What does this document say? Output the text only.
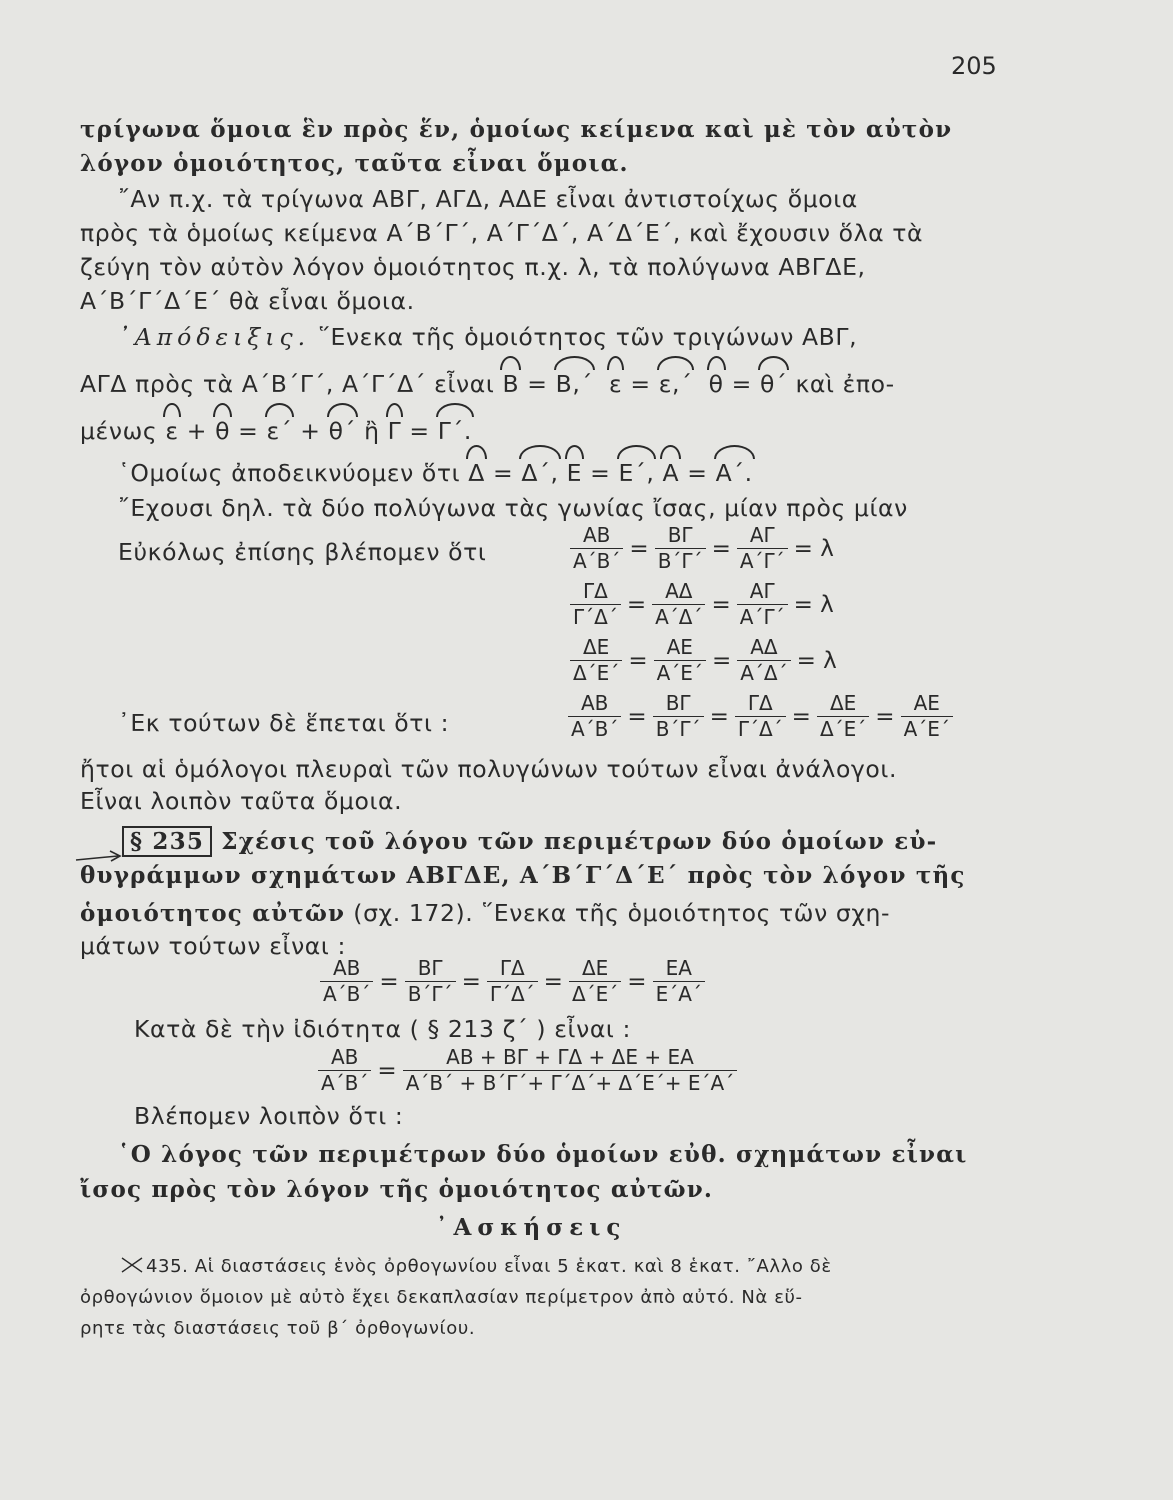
205
τρίγωνα ὅμοια ἓν πρὸς ἕν, ὁμοίως κείμενα καὶ μὲ τὸν αὐτὸν
λόγον ὁμοιότητος, ταῦτα εἶναι ὅμοια.
῎Αν π.χ. τὰ τρίγωνα ΑΒΓ, ΑΓΔ, ΑΔΕ εἶναι ἀντιστοίχως ὅμοια
πρὸς τὰ ὁμοίως κείμενα Α΄Β΄Γ΄, Α΄Γ΄Δ΄, Α΄Δ΄Ε΄, καὶ ἔχουσιν ὅλα τὰ
ζεύγη τὸν αὐτὸν λόγον ὁμοιότητος π.χ. λ, τὰ πολύγωνα ΑΒΓΔΕ,
Α΄Β΄Γ΄Δ΄Ε΄ θὰ εἶναι ὅμοια.
᾿Απόδειξις. ῞Ενεκα τῆς ὁμοιότητος τῶν τριγώνων ΑΒΓ,
ΑΓΔ πρὸς τὰ Α΄Β΄Γ΄, Α΄Γ΄Δ΄ εἶναι Β = Β,΄ ε = ε,΄ θ = θ΄ καὶ ἐπο-
μένως ε + θ = ε΄ + θ΄ ἢ Γ = Γ΄.
῾Ομοίως ἀποδεικνύομεν ὅτι Δ = Δ΄, Ε = Ε΄, Α = Α΄.
῎Εχουσι δηλ. τὰ δύο πολύγωνα τὰς γωνίας ἴσας, μίαν πρὸς μίαν
Εὐκόλως ἐπίσης βλέπομεν ὅτι	$\frac{AB}{A΄B΄} = \frac{B\Gamma}{B΄\Gamma΄} = \frac{A\Gamma}{A΄\Gamma΄} = \lambda$
$\frac{\Gamma\Delta}{\Gamma΄\Delta΄} = \frac{A\Delta}{A΄\Delta΄} = \frac{A\Gamma}{A΄\Gamma΄} = \lambda$
$\frac{\Delta E}{\Delta΄E΄} = \frac{AE}{A΄E΄} = \frac{A\Delta}{A΄\Delta΄} = \lambda$
᾿Εκ τούτων δὲ ἕπεται ὅτι :	$\frac{AB}{A΄B΄} = \frac{B\Gamma}{B΄\Gamma΄} = \frac{\Gamma\Delta}{\Gamma΄\Delta΄} = \frac{\Delta E}{\Delta΄E΄} = \frac{AE}{A΄E΄}$
ἤτοι αἱ ὁμόλογοι πλευραὶ τῶν πολυγώνων τούτων εἶναι ἀνάλογοι.
Εἶναι λοιπὸν ταῦτα ὅμοια.
§ 235 Σχέσις τοῦ λόγου τῶν περιμέτρων δύο ὁμοίων εὐ-
θυγράμμων σχημάτων ΑΒΓΔΕ, Α΄Β΄Γ΄Δ΄Ε΄ πρὸς τὸν λόγον τῆς
ὁμοιότητος αὐτῶν (σχ. 172). ῞Ενεκα τῆς ὁμοιότητος τῶν σχη-
μάτων τούτων εἶναι :
$\frac{AB}{A΄B΄} = \frac{B\Gamma}{B΄\Gamma΄} = \frac{\Gamma\Delta}{\Gamma΄\Delta΄} = \frac{\Delta E}{\Delta΄E΄} = \frac{EA}{E΄A΄}$
Κατὰ δὲ τὴν ἰδιότητα ( § 213 ζ΄ ) εἶναι :
$\frac{AB}{A΄B΄} = \frac{AB + B\Gamma + \Gamma\Delta + \Delta E + EA}{A΄B΄ + B΄\Gamma΄+ \Gamma΄\Delta΄+ \Delta΄E΄+ E΄A΄}$
Βλέπομεν λοιπὸν ὅτι :
῾Ο λόγος τῶν περιμέτρων δύο ὁμοίων εὐθ. σχημάτων εἶναι
ἴσος πρὸς τὸν λόγον τῆς ὁμοιότητος αὐτῶν.
᾿Ασκήσεις
435. Αἱ διαστάσεις ἑνὸς ὀρθογωνίου εἶναι 5 ἑκατ. καὶ 8 ἑκατ. ῎Αλλο δὲ
ὀρθογώνιον ὅμοιον μὲ αὐτὸ ἔχει δεκαπλασίαν περίμετρον ἀπὸ αὐτό. Νὰ εὕ-
ρητε τὰς διαστάσεις τοῦ β΄ ὀρθογωνίου.
